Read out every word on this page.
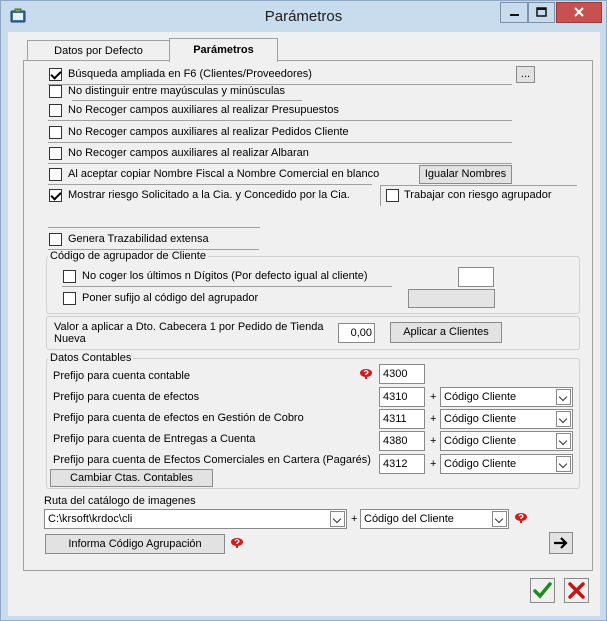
Parámetros
Datos por Defecto	Parámetros
Búsqueda ampliada en F6 (Clientes/Proveedores)	...
No distinguir entre mayúsculas y minúsculas
No Recoger campos auxiliares al realizar Presupuestos
No Recoger campos auxiliares al realizar Pedidos Cliente
No Recoger campos auxiliares al realizar Albaran
Al aceptar copiar Nombre Fiscal a Nombre Comercial en blanco	Igualar Nombres
Mostrar riesgo Solicitado a la Cia. y Concedido por la Cia.	Trabajar con riesgo agrupador
Genera Trazabilidad extensa
Código de agrupador de Cliente
No coger los últimos n Dígitos (Por defecto igual al cliente)
Poner sufijo al código del agrupador
Valor a aplicar a Dto. Cabecera 1 por Pedido de Tienda Nueva	0,00	Aplicar a Clientes
Datos Contables
Prefijo para cuenta contable	4300
Prefijo para cuenta de efectos	4310	+ Código Cliente
Prefijo para cuenta de efectos en Gestión de Cobro	4311	+ Código Cliente
Prefijo para cuenta de Entregas a Cuenta	4380	+ Código Cliente
Prefijo para cuenta de Efectos Comerciales en Cartera (Pagarés)	4312	+ Código Cliente
Cambiar Ctas. Contables
Ruta del catálogo de imagenes
C:\krsoft\krdoc\cli	+ Código del Cliente
Informa Código Agrupación
